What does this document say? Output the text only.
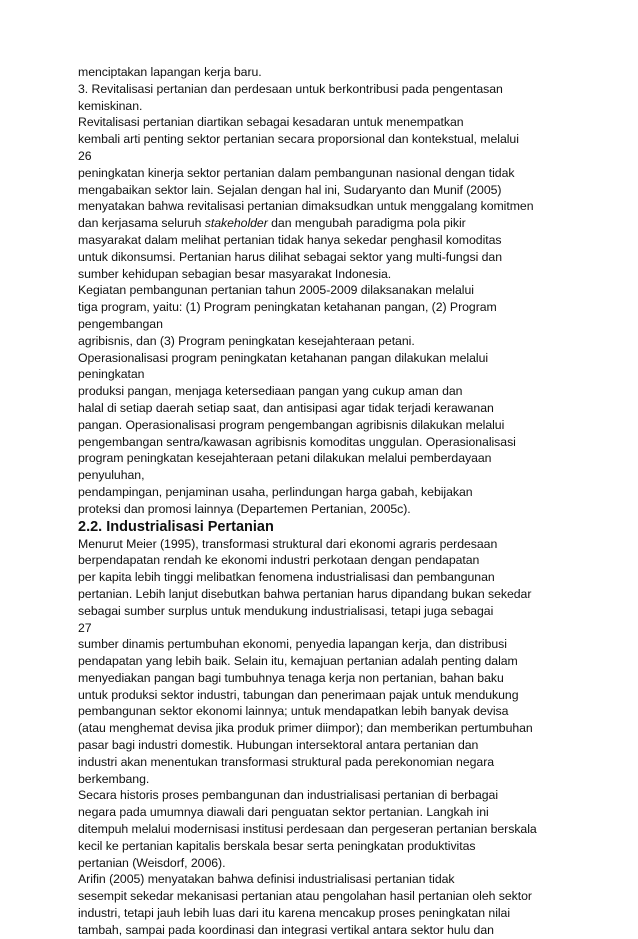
menciptakan lapangan kerja baru.
3. Revitalisasi pertanian dan perdesaan untuk berkontribusi pada pengentasan
kemiskinan.
Revitalisasi pertanian diartikan sebagai kesadaran untuk menempatkan
kembali arti penting sektor pertanian secara proporsional dan kontekstual, melalui
26
peningkatan kinerja sektor pertanian dalam pembangunan nasional dengan tidak
mengabaikan sektor lain. Sejalan dengan hal ini, Sudaryanto dan Munif (2005)
menyatakan bahwa revitalisasi pertanian dimaksudkan untuk menggalang komitmen
dan kerjasama seluruh stakeholder dan mengubah paradigma pola pikir
masyarakat dalam melihat pertanian tidak hanya sekedar penghasil komoditas
untuk dikonsumsi. Pertanian harus dilihat sebagai sektor yang multi-fungsi dan
sumber kehidupan sebagian besar masyarakat Indonesia.
Kegiatan pembangunan pertanian tahun 2005-2009 dilaksanakan melalui
tiga program, yaitu: (1) Program peningkatan ketahanan pangan, (2) Program
pengembangan
agribisnis, dan (3) Program peningkatan kesejahteraan petani.
Operasionalisasi program peningkatan ketahanan pangan dilakukan melalui
peningkatan
produksi pangan, menjaga ketersediaan pangan yang cukup aman dan
halal di setiap daerah setiap saat, dan antisipasi agar tidak terjadi kerawanan
pangan. Operasionalisasi program pengembangan agribisnis dilakukan melalui
pengembangan sentra/kawasan agribisnis komoditas unggulan. Operasionalisasi
program peningkatan kesejahteraan petani dilakukan melalui pemberdayaan
penyuluhan,
pendampingan, penjaminan usaha, perlindungan harga gabah, kebijakan
proteksi dan promosi lainnya (Departemen Pertanian, 2005c).
2.2. Industrialisasi Pertanian
Menurut Meier (1995), transformasi struktural dari ekonomi agraris perdesaan
berpendapatan rendah ke ekonomi industri perkotaan dengan pendapatan
per kapita lebih tinggi melibatkan fenomena industrialisasi dan pembangunan
pertanian. Lebih lanjut disebutkan bahwa pertanian harus dipandang bukan sekedar
sebagai sumber surplus untuk mendukung industrialisasi, tetapi juga sebagai
27
sumber dinamis pertumbuhan ekonomi, penyedia lapangan kerja, dan distribusi
pendapatan yang lebih baik. Selain itu, kemajuan pertanian adalah penting dalam
menyediakan pangan bagi tumbuhnya tenaga kerja non pertanian, bahan baku
untuk produksi sektor industri, tabungan dan penerimaan pajak untuk mendukung
pembangunan sektor ekonomi lainnya; untuk mendapatkan lebih banyak devisa
(atau menghemat devisa jika produk primer diimpor); dan memberikan pertumbuhan
pasar bagi industri domestik. Hubungan intersektoral antara pertanian dan
industri akan menentukan transformasi struktural pada perekonomian negara
berkembang.
Secara historis proses pembangunan dan industrialisasi pertanian di berbagai
negara pada umumnya diawali dari penguatan sektor pertanian. Langkah ini
ditempuh melalui modernisasi institusi perdesaan dan pergeseran pertanian berskala
kecil ke pertanian kapitalis berskala besar serta peningkatan produktivitas
pertanian (Weisdorf, 2006).
Arifin (2005) menyatakan bahwa definisi industrialisasi pertanian tidak
sesempit sekedar mekanisasi pertanian atau pengolahan hasil pertanian oleh sektor
industri, tetapi jauh lebih luas dari itu karena mencakup proses peningkatan nilai
tambah, sampai pada koordinasi dan integrasi vertikal antara sektor hulu dan
